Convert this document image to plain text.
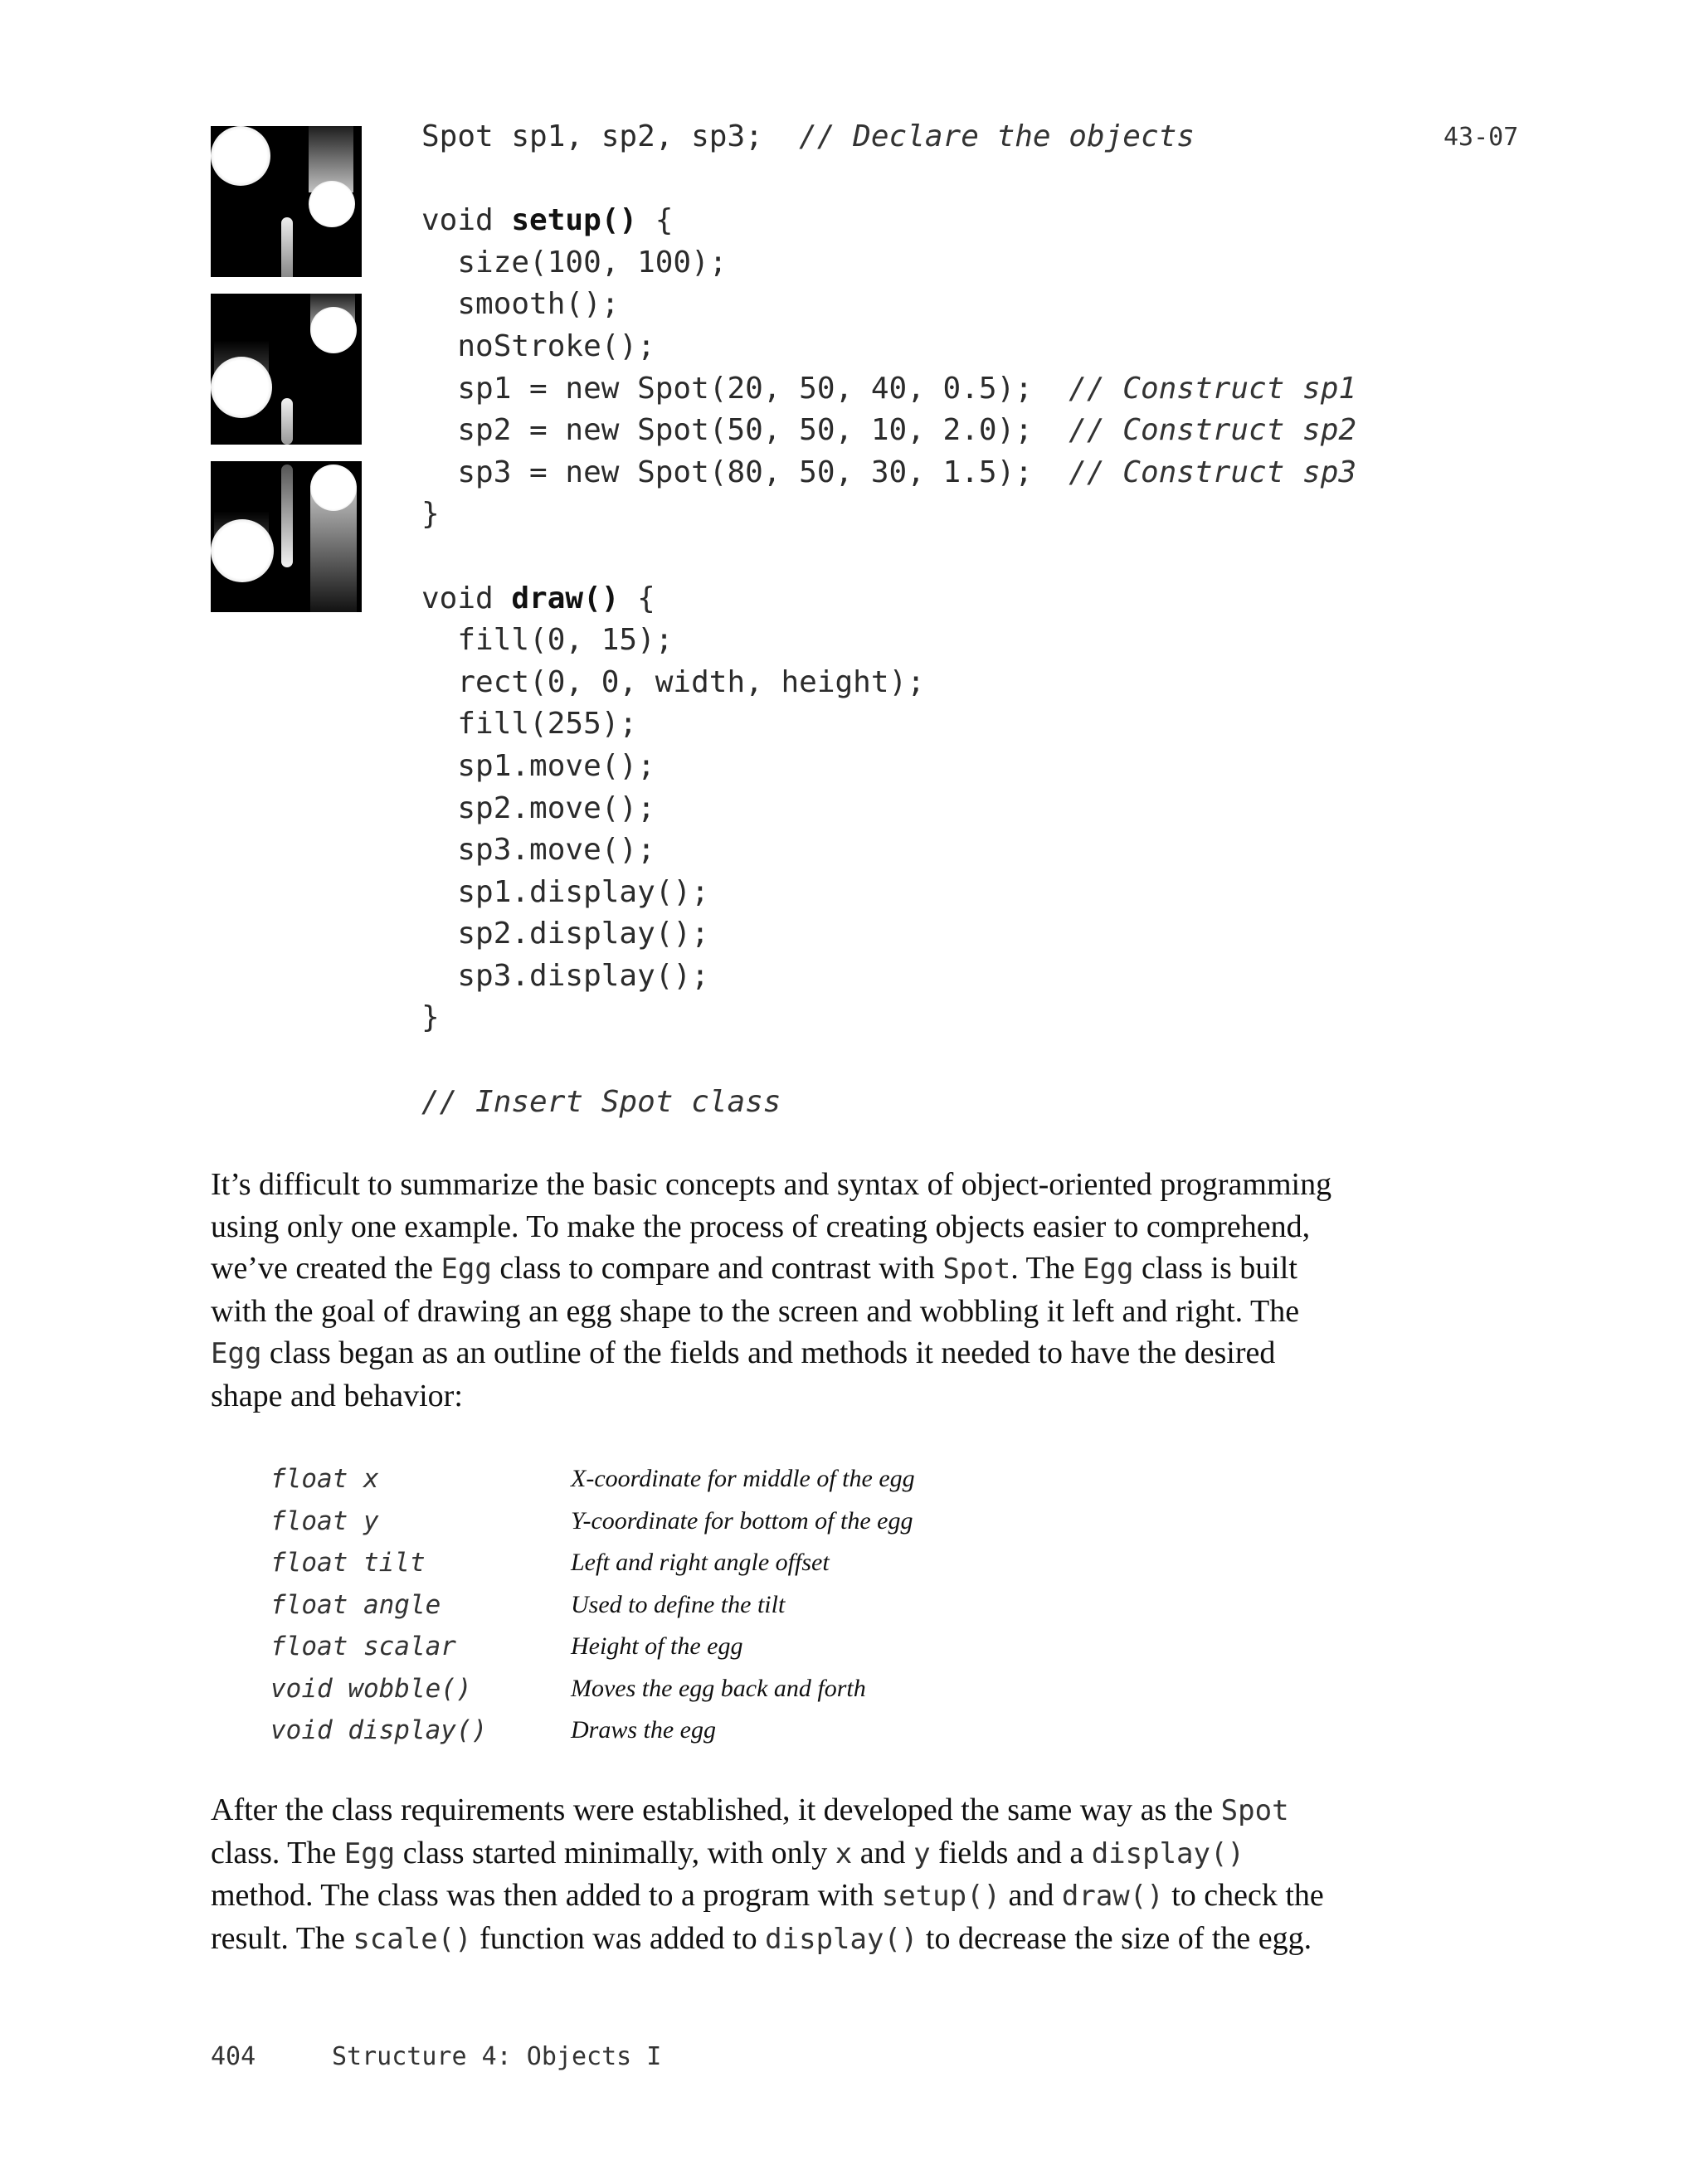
43-07
Spot sp1, sp2, sp3;  // Declare the objects
void setup() {
size(100, 100);
smooth();
noStroke();
sp1 = new Spot(20, 50, 40, 0.5);  // Construct sp1
sp2 = new Spot(50, 50, 10, 2.0);  // Construct sp2
sp3 = new Spot(80, 50, 30, 1.5);  // Construct sp3
}
void draw() {
fill(0, 15);
rect(0, 0, width, height);
fill(255);
sp1.move();
sp2.move();
sp3.move();
sp1.display();
sp2.display();
sp3.display();
}
// Insert Spot class

It’s difficult to summarize the basic concepts and syntax of object-oriented programming
using only one example. To make the process of creating objects easier to comprehend,
we’ve created the Egg class to compare and contrast with Spot. The Egg class is built
with the goal of drawing an egg shape to the screen and wobbling it left and right. The
Egg class began as an outline of the fields and methods it needed to have the desired
shape and behavior:

float x	X-coordinate for middle of the egg
float y	Y-coordinate for bottom of the egg
float tilt	Left and right angle offset
float angle	Used to define the tilt
float scalar	Height of the egg
void wobble()	Moves the egg back and forth
void display()	Draws the egg

After the class requirements were established, it developed the same way as the Spot
class. The Egg class started minimally, with only x and y fields and a display()
method. The class was then added to a program with setup() and draw() to check the
result. The scale() function was added to display() to decrease the size of the egg.

404	Structure 4: Objects I
